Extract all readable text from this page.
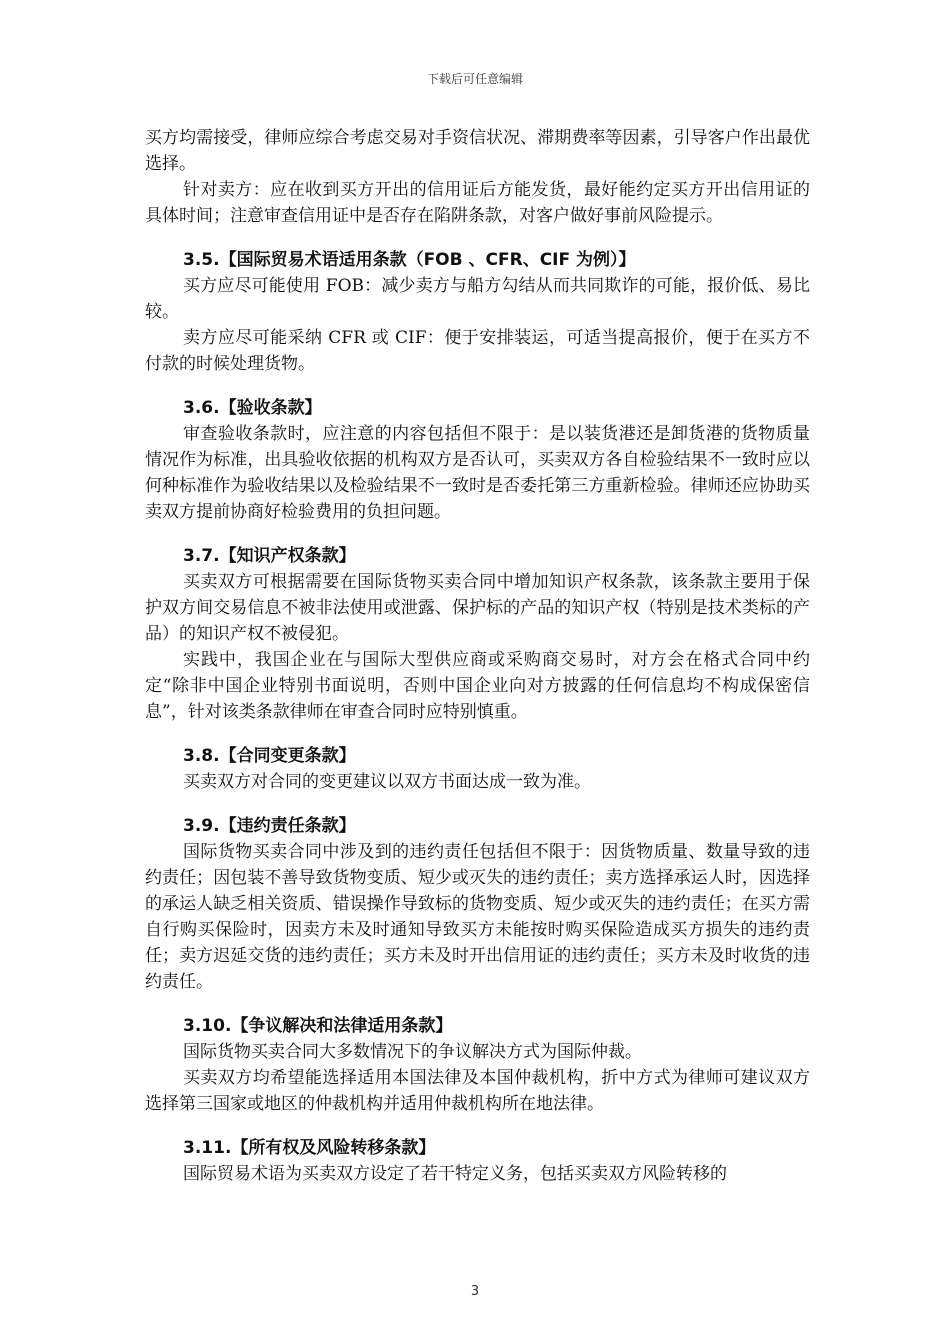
下载后可任意编辑

买方均需接受，律师应综合考虑交易对手资信状况、滞期费率等因素，引导客户作出最优选择。

针对卖方：应在收到买方开出的信用证后方能发货，最好能约定买方开出信用证的具体时间；注意审查信用证中是否存在陷阱条款，对客户做好事前风险提示。

3.5.【国际贸易术语适用条款（FOB 、CFR、CIF 为例）】

买方应尽可能使用 FOB：减少卖方与船方勾结从而共同欺诈的可能，报价低、易比较。

卖方应尽可能采纳 CFR 或 CIF：便于安排装运，可适当提高报价，便于在买方不付款的时候处理货物。

3.6.【验收条款】

审查验收条款时，应注意的内容包括但不限于：是以装货港还是卸货港的货物质量情况作为标准，出具验收依据的机构双方是否认可，买卖双方各自检验结果不一致时应以何种标准作为验收结果以及检验结果不一致时是否委托第三方重新检验。律师还应协助买卖双方提前协商好检验费用的负担问题。

3.7.【知识产权条款】

买卖双方可根据需要在国际货物买卖合同中增加知识产权条款，该条款主要用于保护双方间交易信息不被非法使用或泄露、保护标的产品的知识产权（特别是技术类标的产品）的知识产权不被侵犯。

实践中，我国企业在与国际大型供应商或采购商交易时，对方会在格式合同中约定“除非中国企业特别书面说明，否则中国企业向对方披露的任何信息均不构成保密信息”，针对该类条款律师在审查合同时应特别慎重。

3.8.【合同变更条款】

买卖双方对合同的变更建议以双方书面达成一致为准。

3.9.【违约责任条款】

国际货物买卖合同中涉及到的违约责任包括但不限于：因货物质量、数量导致的违约责任；因包装不善导致货物变质、短少或灭失的违约责任；卖方选择承运人时，因选择的承运人缺乏相关资质、错误操作导致标的货物变质、短少或灭失的违约责任；在买方需自行购买保险时，因卖方未及时通知导致买方未能按时购买保险造成买方损失的违约责任；卖方迟延交货的违约责任；买方未及时开出信用证的违约责任；买方未及时收货的违约责任。

3.10.【争议解决和法律适用条款】

国际货物买卖合同大多数情况下的争议解决方式为国际仲裁。

买卖双方均希望能选择适用本国法律及本国仲裁机构，折中方式为律师可建议双方选择第三国家或地区的仲裁机构并适用仲裁机构所在地法律。

3.11.【所有权及风险转移条款】

国际贸易术语为买卖双方设定了若干特定义务，包括买卖双方风险转移的

3
